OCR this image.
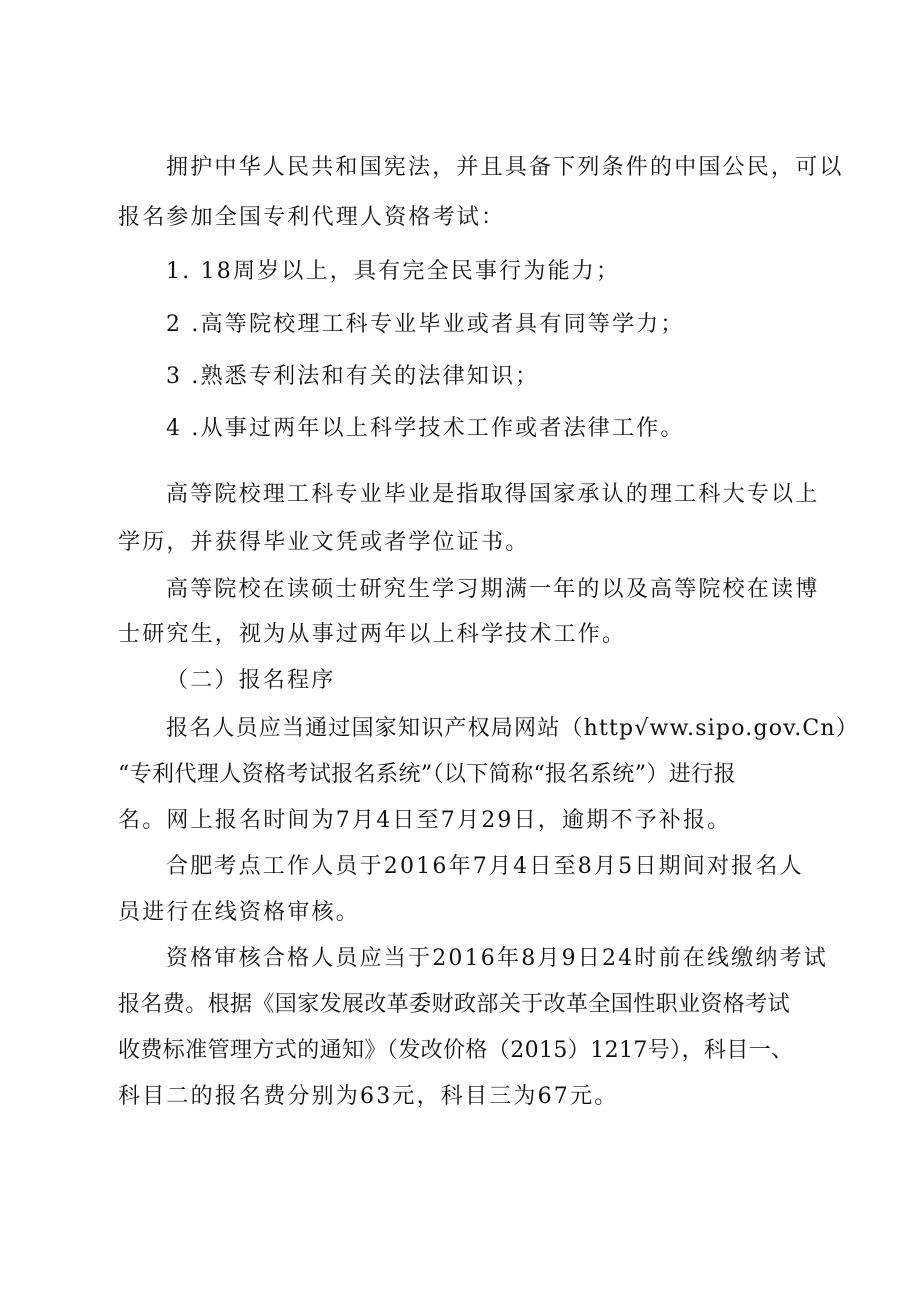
拥护中华人民共和国宪法，并且具备下列条件的中国公民，可以

报名参加全国专利代理人资格考试：

1. 18周岁以上，具有完全民事行为能力；

2 .高等院校理工科专业毕业或者具有同等学力；

3 .熟悉专利法和有关的法律知识；

4 .从事过两年以上科学技术工作或者法律工作。

高等院校理工科专业毕业是指取得国家承认的理工科大专以上

学历，并获得毕业文凭或者学位证书。

高等院校在读硕士研究生学习期满一年的以及高等院校在读博

士研究生，视为从事过两年以上科学技术工作。

（二）报名程序

报名人员应当通过国家知识产权局网站（http√ww.sipo.gov.Cn）

“专利代理人资格考试报名系统”（以下简称“报名系统”）进行报

名。网上报名时间为7月4日至7月29日，逾期不予补报。

合肥考点工作人员于2016年7月4日至8月5日期间对报名人

员进行在线资格审核。

资格审核合格人员应当于2016年8月9日24时前在线缴纳考试

报名费。根据《国家发展改革委财政部关于改革全国性职业资格考试

收费标准管理方式的通知》（发改价格（2015）1217号），科目一、

科目二的报名费分别为63元，科目三为67元。
